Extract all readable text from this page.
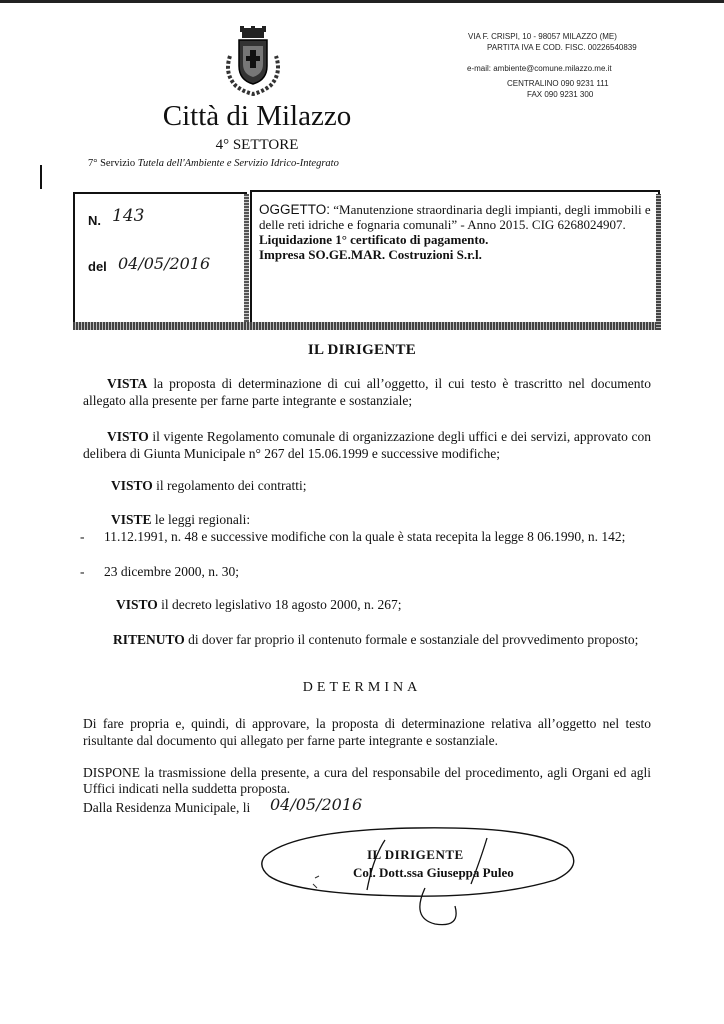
VIA F. CRISPI, 10 - 98057 MILAZZO (ME)
PARTITA IVA E COD. FISC. 00226540839
e-mail: ambiente@comune.milazzo.me.it
CENTRALINO 090 9231 111
FAX 090 9231 300
Città di Milazzo
4° SETTORE
7° Servizio Tutela dell'Ambiente e Servizio Idrico-Integrato
N. 143
del 04/05/2016
OGGETTO: “Manutenzione straordinaria degli impianti, degli immobili e delle reti idriche e fognaria comunali” - Anno 2015. CIG 6268024907.
Liquidazione 1° certificato di pagamento.
Impresa SO.GE.MAR. Costruzioni S.r.l.
IL DIRIGENTE
VISTA la proposta di determinazione di cui all’oggetto, il cui testo è trascritto nel documento allegato alla presente per farne parte integrante e sostanziale;
VISTO il vigente Regolamento comunale di organizzazione degli uffici e dei servizi, approvato con delibera di Giunta Municipale n° 267 del 15.06.1999 e successive modifiche;
VISTO il regolamento dei contratti;
VISTE le leggi regionali:
- 11.12.1991, n. 48 e successive modifiche con la quale è stata recepita la legge 8 06.1990, n. 142;
- 23 dicembre 2000, n. 30;
VISTO il decreto legislativo 18 agosto 2000, n. 267;
RITENUTO di dover far proprio il contenuto formale e sostanziale del provvedimento proposto;
DETERMINA
Di fare propria e, quindi, di approvare, la proposta di determinazione relativa all’oggetto nel testo risultante dal documento qui allegato per farne parte integrante e sostanziale.
DISPONE la trasmissione della presente, a cura del responsabile del procedimento, agli Organi ed agli Uffici indicati nella suddetta proposta.
Dalla Residenza Municipale, li 04/05/2016
IL DIRIGENTE
Col. Dott.ssa Giuseppa Puleo
